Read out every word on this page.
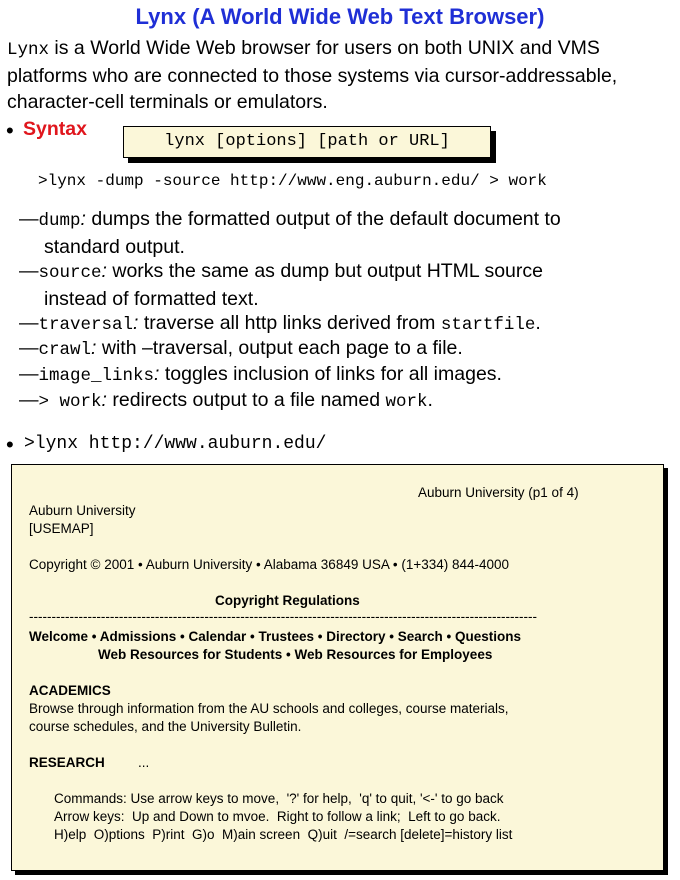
Lynx (A World Wide Web Text Browser)
Lynx is a World Wide Web browser for users on both UNIX and VMS platforms who are connected to those systems via cursor-addressable, character-cell terminals or emulators.
• Syntax
lynx [options] [path or URL]
>lynx -dump -source http://www.eng.auburn.edu/ > work
—dump: dumps the formatted output of the default document to
standard output.
—source: works the same as dump but output HTML source
instead of formatted text.
—traversal: traverse all http links derived from startfile.
—crawl: with –traversal, output each page to a file.
—image_links: toggles inclusion of links for all images.
—> work: redirects output to a file named work.
• >lynx http://www.auburn.edu/
Auburn University (p1 of 4)
Auburn University
[USEMAP]
Copyright © 2001 • Auburn University • Alabama 36849 USA • (1+334) 844-4000
Copyright Regulations
-----------------------------------------------------------------------------------------------------------------
Welcome • Admissions • Calendar • Trustees • Directory • Search • Questions
Web Resources for Students • Web Resources for Employees
ACADEMICS
Browse through information from the AU schools and colleges, course materials,
course schedules, and the University Bulletin.
RESEARCH ...
Commands: Use arrow keys to move,  '?' for help,  'q' to quit, '<-' to go back
Arrow keys:  Up and Down to mvoe.  Right to follow a link;  Left to go back.
H)elp  O)ptions  P)rint  G)o  M)ain screen  Q)uit  /=search [delete]=history list
